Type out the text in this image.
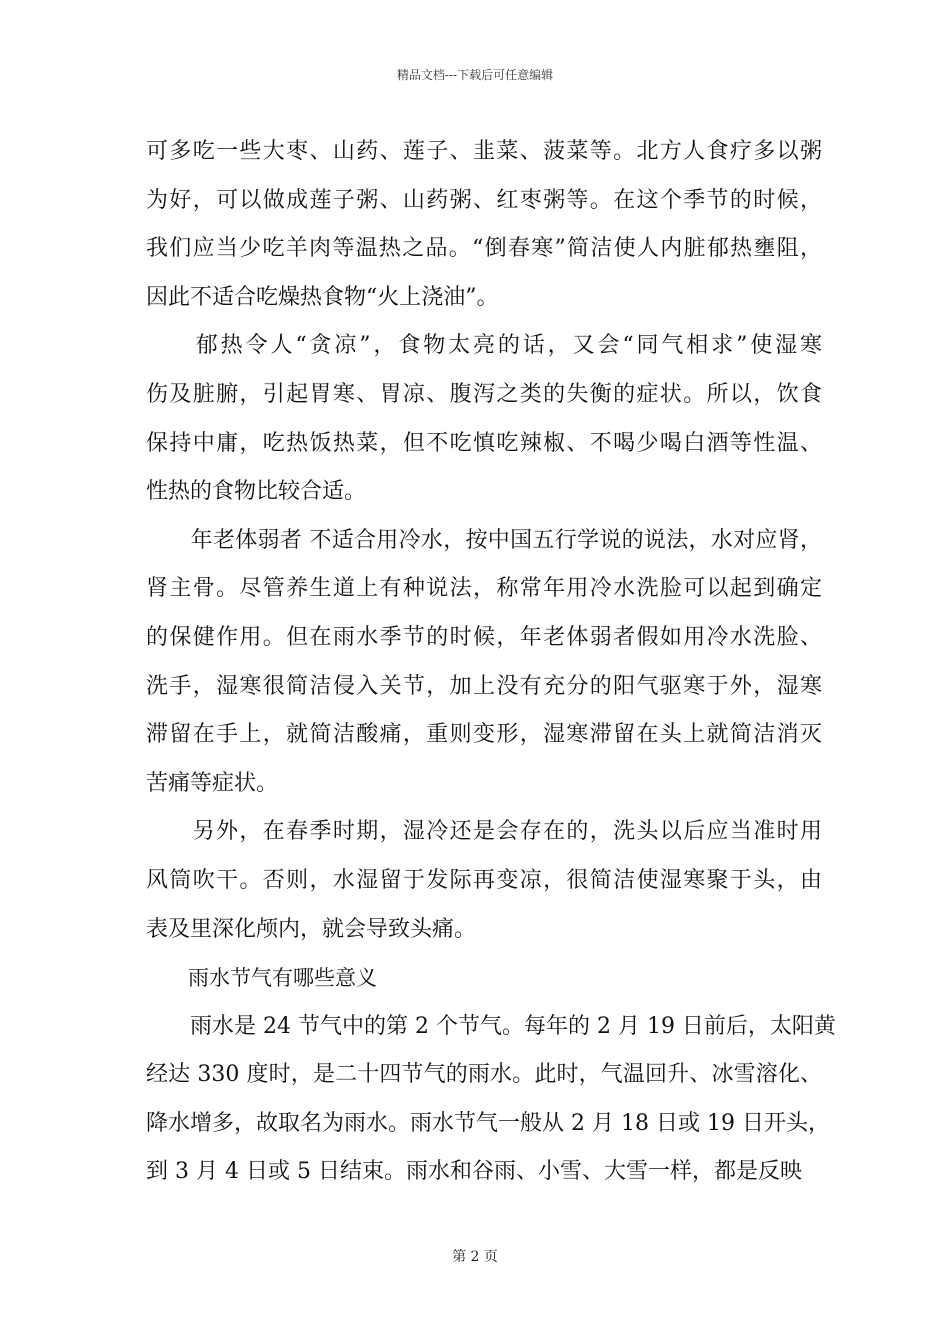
精品文档---下载后可任意编辑
可多吃一些大枣、山药、莲子、韭菜、菠菜等。北方人食疗多以粥
为好，可以做成莲子粥、山药粥、红枣粥等。在这个季节的时候，
我们应当少吃羊肉等温热之品。“倒春寒”简洁使人内脏郁热壅阻，
因此不适合吃燥热食物“火上浇油”。
　　郁热令人“贪凉”，食物太亮的话，又会“同气相求”使湿寒
伤及脏腑，引起胃寒、胃凉、腹泻之类的失衡的症状。所以，饮食
保持中庸，吃热饭热菜，但不吃慎吃辣椒、不喝少喝白酒等性温、
性热的食物比较合适。
　　年老体弱者 不适合用冷水，按中国五行学说的说法，水对应肾，
肾主骨。尽管养生道上有种说法，称常年用冷水洗脸可以起到确定
的保健作用。但在雨水季节的时候，年老体弱者假如用冷水洗脸、
洗手，湿寒很简洁侵入关节，加上没有充分的阳气驱寒于外，湿寒
滞留在手上，就简洁酸痛，重则变形，湿寒滞留在头上就简洁消灭
苦痛等症状。
　　另外，在春季时期，湿冷还是会存在的，洗头以后应当准时用
风筒吹干。否则，水湿留于发际再变凉，很简洁使湿寒聚于头，由
表及里深化颅内，就会导致头痛。
　　雨水节气有哪些意义
　　雨水是 24 节气中的第 2 个节气。每年的 2 月 19 日前后，太阳黄
经达 330 度时，是二十四节气的雨水。此时，气温回升、冰雪溶化、
降水增多，故取名为雨水。雨水节气一般从 2 月 18 日或 19 日开头，
到 3 月 4 日或 5 日结束。雨水和谷雨、小雪、大雪一样，都是反映
第 2 页
